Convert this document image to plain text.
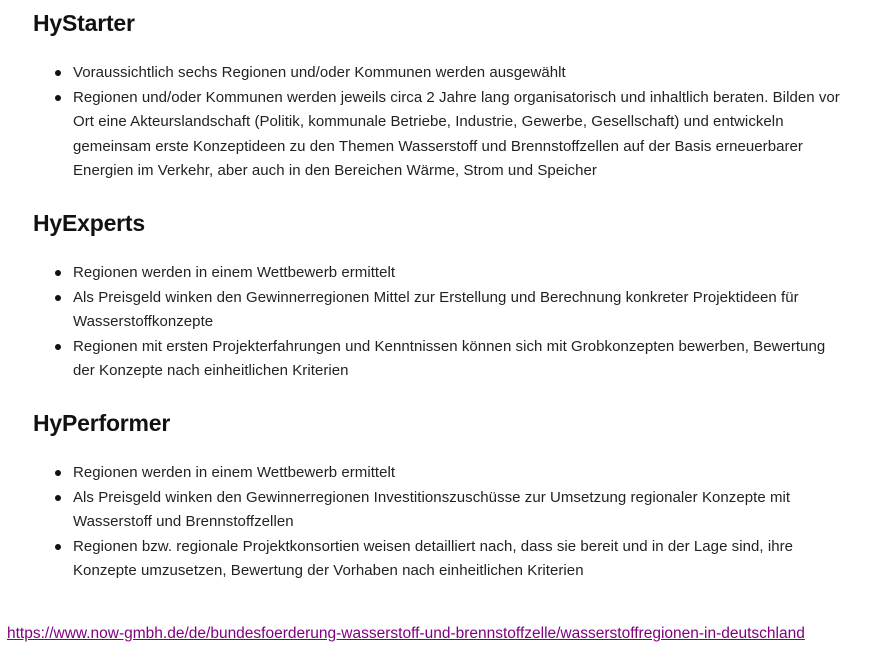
HyStarter
Voraussichtlich sechs Regionen und/oder Kommunen werden ausgewählt
Regionen und/oder Kommunen werden jeweils circa 2 Jahre lang organisatorisch und inhaltlich beraten. Bilden vor Ort eine Akteurslandschaft (Politik, kommunale Betriebe, Industrie, Gewerbe, Gesellschaft) und entwickeln gemeinsam erste Konzeptideen zu den Themen Wasserstoff und Brennstoffzellen auf der Basis erneuerbarer Energien im Verkehr, aber auch in den Bereichen Wärme, Strom und Speicher
HyExperts
Regionen werden in einem Wettbewerb ermittelt
Als Preisgeld winken den Gewinnerregionen Mittel zur Erstellung und Berechnung konkreter Projektideen für Wasserstoffkonzepte
Regionen mit ersten Projekterfahrungen und Kenntnissen können sich mit Grobkonzepten bewerben, Bewertung der Konzepte nach einheitlichen Kriterien
HyPerformer
Regionen werden in einem Wettbewerb ermittelt
Als Preisgeld winken den Gewinnerregionen Investitionszuschüsse zur Umsetzung regionaler Konzepte mit Wasserstoff und Brennstoffzellen
Regionen bzw. regionale Projektkonsortien weisen detailliert nach, dass sie bereit und in der Lage sind, ihre Konzepte umzusetzen, Bewertung der Vorhaben nach einheitlichen Kriterien
https://www.now-gmbh.de/de/bundesfoerderung-wasserstoff-und-brennstoffzelle/wasserstoffregionen-in-deutschland
